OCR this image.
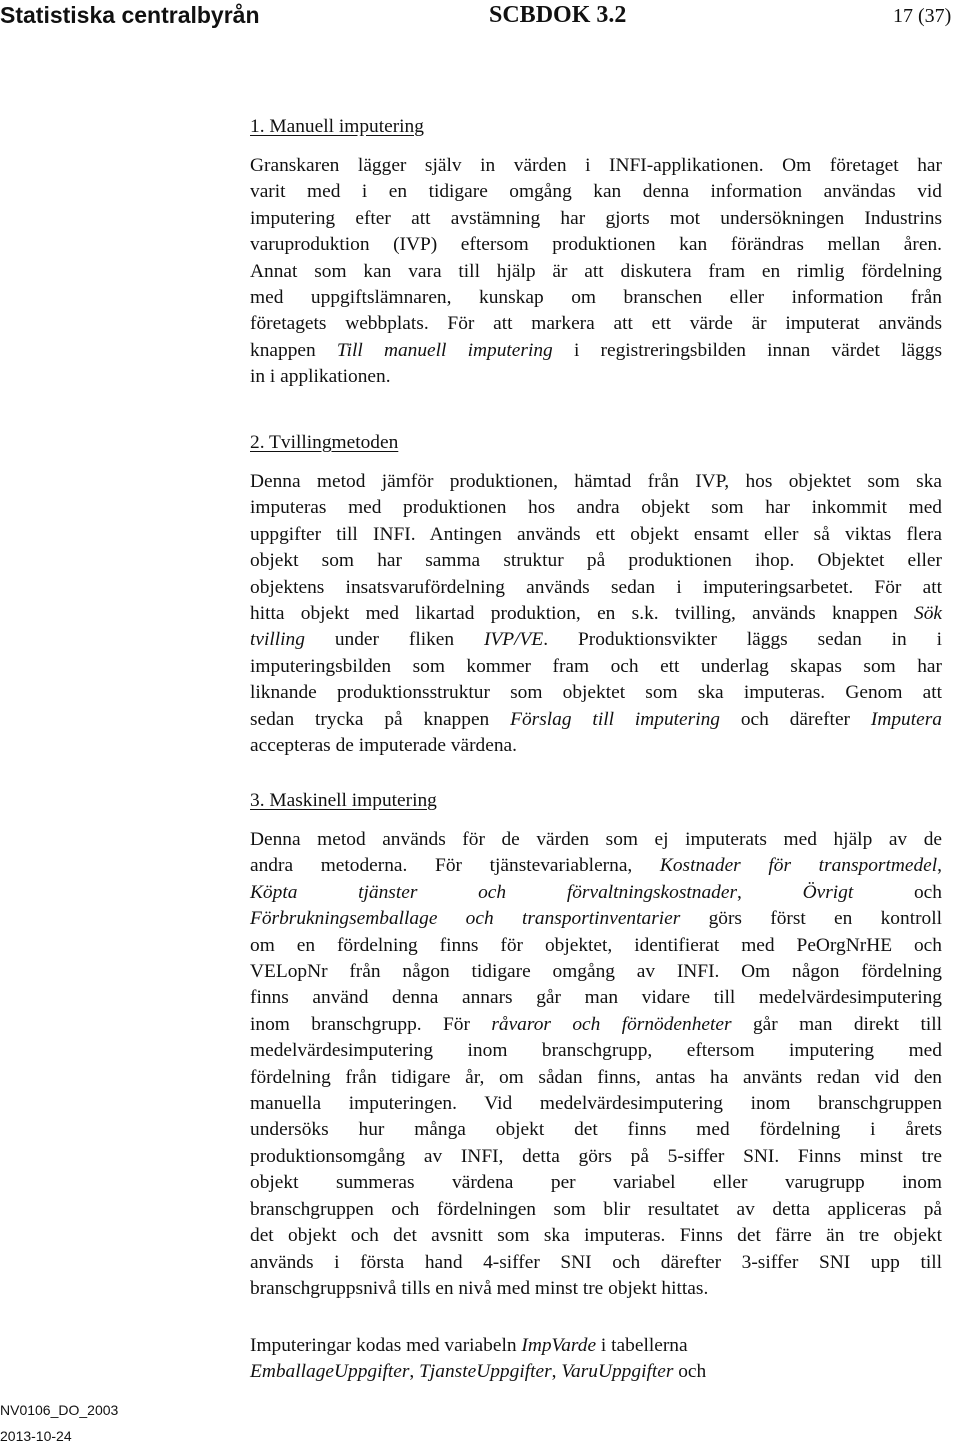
Statistiska centralbyrån	SCBDOK 3.2	17 (37)
1. Manuell imputering
Granskaren lägger själv in värden i INFI-applikationen. Om företaget har
varit med i en tidigare omgång kan denna information användas vid
imputering efter att avstämning har gjorts mot undersökningen Industrins
varuproduktion (IVP) eftersom produktionen kan förändras mellan åren.
Annat som kan vara till hjälp är att diskutera fram en rimlig fördelning
med uppgiftslämnaren, kunskap om branschen eller information från
företagets webbplats. För att markera att ett värde är imputerat används
knappen Till manuell imputering i registreringsbilden innan värdet läggs
in i applikationen.
2. Tvillingmetoden
Denna metod jämför produktionen, hämtad från IVP, hos objektet som ska
imputeras med produktionen hos andra objekt som har inkommit med
uppgifter till INFI. Antingen används ett objekt ensamt eller så viktas flera
objekt som har samma struktur på produktionen ihop. Objektet eller
objektens insatsvarufördelning används sedan i imputeringsarbetet. För att
hitta objekt med likartad produktion, en s.k. tvilling, används knappen Sök
tvilling under fliken IVP/VE. Produktionsvikter läggs sedan in i
imputeringsbilden som kommer fram och ett underlag skapas som har
liknande produktionsstruktur som objektet som ska imputeras. Genom att
sedan trycka på knappen Förslag till imputering och därefter Imputera
accepteras de imputerade värdena.
3. Maskinell imputering
Denna metod används för de värden som ej imputerats med hjälp av de
andra metoderna. För tjänstevariablerna, Kostnader för transportmedel,
Köpta tjänster och förvaltningskostnader, Övrigt och
Förbrukningsemballage och transportinventarier görs först en kontroll
om en fördelning finns för objektet, identifierat med PeOrgNrHE och
VELopNr från någon tidigare omgång av INFI. Om någon fördelning
finns använd denna annars går man vidare till medelvärdesimputering
inom branschgrupp. För råvaror och förnödenheter går man direkt till
medelvärdesimputering inom branschgrupp, eftersom imputering med
fördelning från tidigare år, om sådan finns, antas ha använts redan vid den
manuella imputeringen. Vid medelvärdesimputering inom branschgruppen
undersöks hur många objekt det finns med fördelning i årets
produktionsomgång av INFI, detta görs på 5-siffer SNI. Finns minst tre
objekt summeras värdena per variabel eller varugrupp inom
branschgruppen och fördelningen som blir resultatet av detta appliceras på
det objekt och det avsnitt som ska imputeras. Finns det färre än tre objekt
används i första hand 4-siffer SNI och därefter 3-siffer SNI upp till
branschgruppsnivå tills en nivå med minst tre objekt hittas.
Imputeringar kodas med variabeln ImpVarde i tabellerna
EmballageUppgifter, TjansteUppgifter, VaruUppgifter och
NV0106_DO_2003
2013-10-24
